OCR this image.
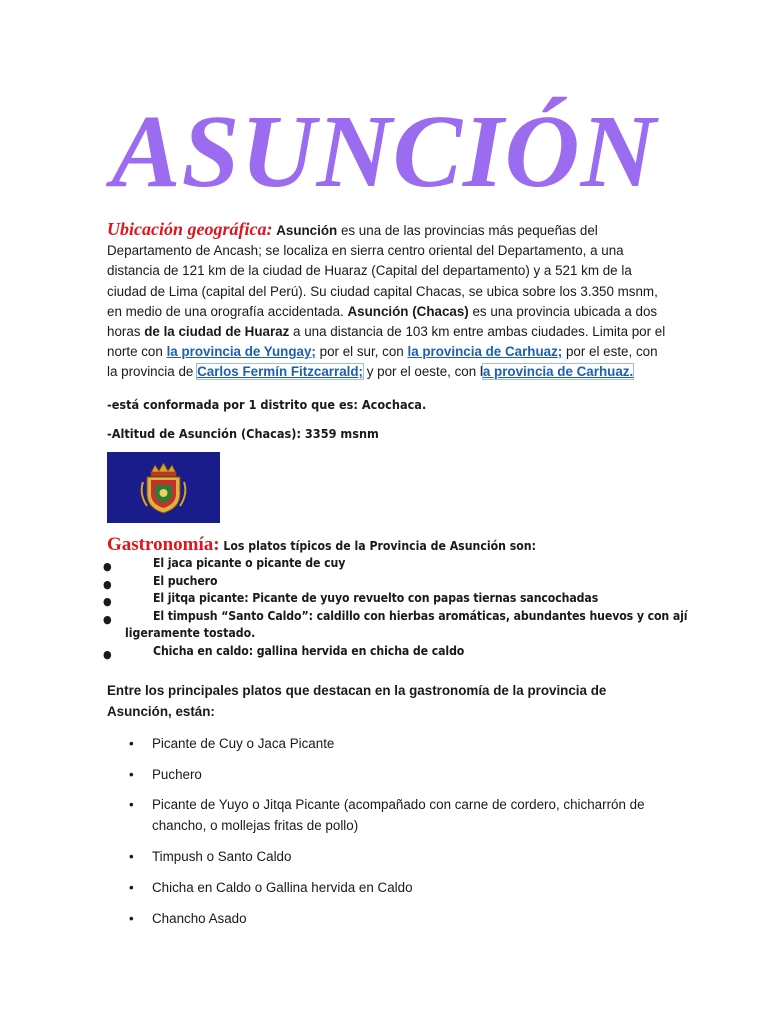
ASUNCIÓN
Ubicación geográfica: Asunción es una de las provincias más pequeñas del Departamento de Ancash; se localiza en sierra centro oriental del Departamento, a una distancia de 121 km de la ciudad de Huaraz (Capital del departamento) y a 521 km de la ciudad de Lima (capital del Perú). Su ciudad capital Chacas, se ubica sobre los 3.350 msnm, en medio de una orografía accidentada. Asunción (Chacas) es una provincia ubicada a dos horas de la ciudad de Huaraz a una distancia de 103 km entre ambas ciudades. Limita por el norte con la provincia de Yungay; por el sur, con la provincia de Carhuaz; por el este, con la provincia de Carlos Fermín Fitzcarrald; y por el oeste, con la provincia de Carhuaz.
-está conformada por 1 distrito que es: Acochaca.
-Altitud de Asunción (Chacas): 3359 msnm
Gastronomía: Los platos típicos de la Provincia de Asunción son:
●	El jaca picante o picante de cuy
●	El puchero
●	El jitqa picante: Picante de yuyo revuelto con papas tiernas sancochadas
●	El timpush “Santo Caldo”: caldillo con hierbas aromáticas, abundantes huevos y con ají
ligeramente tostado.
●	Chicha en caldo: gallina hervida en chicha de caldo
Entre los principales platos que destacan en la gastronomía de la provincia de Asunción, están:
• Picante de Cuy o Jaca Picante
• Puchero
• Picante de Yuyo o Jitqa Picante (acompañado con carne de cordero, chicharrón de chancho, o mollejas fritas de pollo)
• Timpush o Santo Caldo
• Chicha en Caldo o Gallina hervida en Caldo
• Chancho Asado
